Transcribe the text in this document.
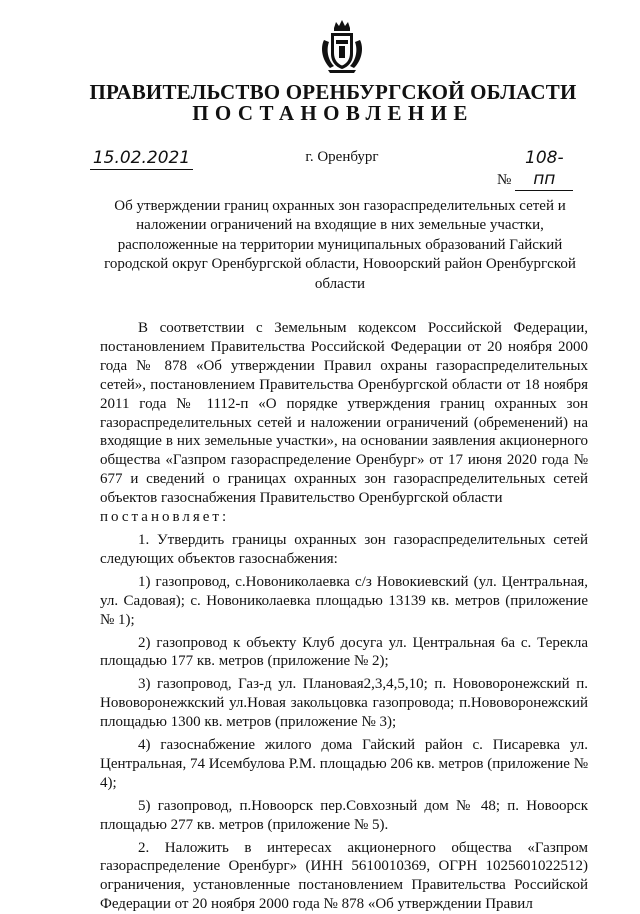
ПРАВИТЕЛЬСТВО ОРЕНБУРГСКОЙ ОБЛАСТИ
ПОСТАНОВЛЕНИЕ
15.02.2021	г. Оренбург
№108-пп
Об утверждении границ охранных зон газораспределительных сетей и наложении ограничений на входящие в них земельные участки, расположенные на территории муниципальных образований Гайский городской округ Оренбургской области, Новоорский район Оренбургской области

В соответствии с Земельным кодексом Российской Федерации, постановлением Правительства Российской Федерации от 20 ноября 2000 года № 878 «Об утверждении Правил охраны газораспределительных сетей», постановлением Правительства Оренбургской области от 18 ноября 2011 года № 1112-п «О порядке утверждения границ охранных зон газораспределительных сетей и наложении ограничений (обременений) на входящие в них земельные участки», на основании заявления акционерного общества «Газпром газораспределение Оренбург» от 17 июня 2020 года № 677 и сведений о границах охранных зон газораспределительных сетей объектов газоснабжения Правительство Оренбургской области

постановляет:

1. Утвердить границы охранных зон газораспределительных сетей следующих объектов газоснабжения:

1) газопровод, с.Новониколаевка с/з Новокиевский (ул. Центральная, ул. Садовая); с. Новониколаевка площадью 13139 кв. метров (приложение № 1);

2) газопровод к объекту Клуб досуга ул. Центральная 6а с. Терекла площадью 177 кв. метров (приложение № 2);

3) газопровод, Газ-д ул. Плановая2,3,4,5,10; п. Нововоронежский п. Нововоронежкский ул.Новая закольцовка газопровода; п.Нововоронежский площадью 1300 кв. метров (приложение № 3);

4) газоснабжение жилого дома Гайский район с. Писаревка ул. Центральная, 74 Исембулова Р.М. площадью 206 кв. метров (приложение № 4);

5) газопровод, п.Новоорск пер.Совхозный дом № 48; п. Новоорск площадью 277 кв. метров (приложение № 5).

2. Наложить в интересах акционерного общества «Газпром газораспределение Оренбург» (ИНН 5610010369, ОГРН 1025601022512) ограничения, установленные постановлением Правительства Российской Федерации от 20 ноября 2000 года № 878 «Об утверждении Правил
